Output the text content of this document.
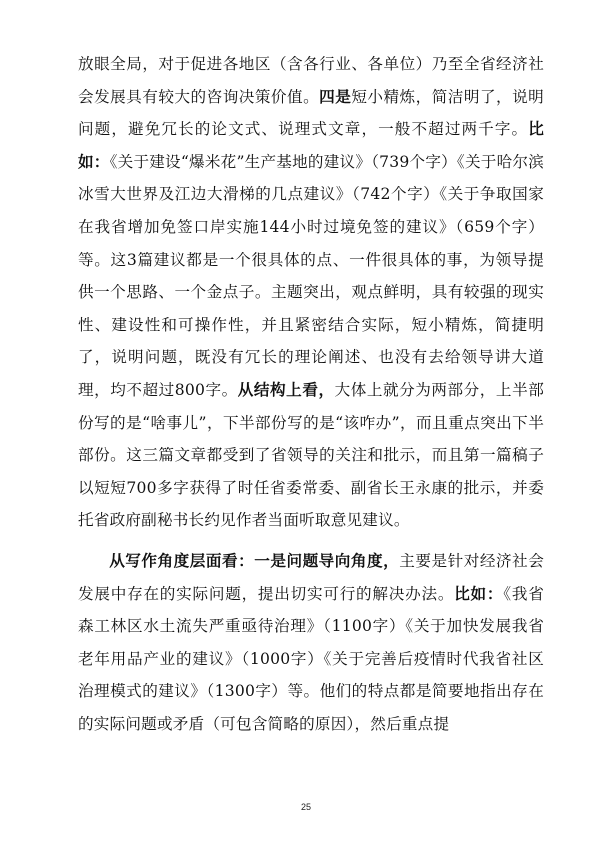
放眼全局，对于促进各地区（含各行业、各单位）乃至全省经济社会发展具有较大的咨询决策价值。四是短小精炼，简洁明了，说明问题，避免冗长的论文式、说理式文章，一般不超过两千字。比如：《关于建设“爆米花”生产基地的建议》（739个字）《关于哈尔滨冰雪大世界及江边大滑梯的几点建议》（742个字）《关于争取国家在我省增加免签口岸实施144小时过境免签的建议》（659个字）等。这3篇建议都是一个很具体的点、一件很具体的事，为领导提供一个思路、一个金点子。主题突出，观点鲜明，具有较强的现实性、建设性和可操作性，并且紧密结合实际，短小精炼，简捷明了，说明问题，既没有冗长的理论阐述、也没有去给领导讲大道理，均不超过800字。从结构上看，大体上就分为两部分，上半部份写的是“啥事儿”，下半部份写的是“该咋办”，而且重点突出下半部份。这三篇文章都受到了省领导的关注和批示，而且第一篇稿子以短短700多字获得了时任省委常委、副省长王永康的批示，并委托省政府副秘书长约见作者当面听取意见建议。

从写作角度层面看：一是问题导向角度，主要是针对经济社会发展中存在的实际问题，提出切实可行的解决办法。比如：《我省森工林区水土流失严重亟待治理》（1100字）《关于加快发展我省老年用品产业的建议》（1000字）《关于完善后疫情时代我省社区治理模式的建议》（1300字）等。他们的特点都是简要地指出存在的实际问题或矛盾（可包含简略的原因），然后重点提

25
